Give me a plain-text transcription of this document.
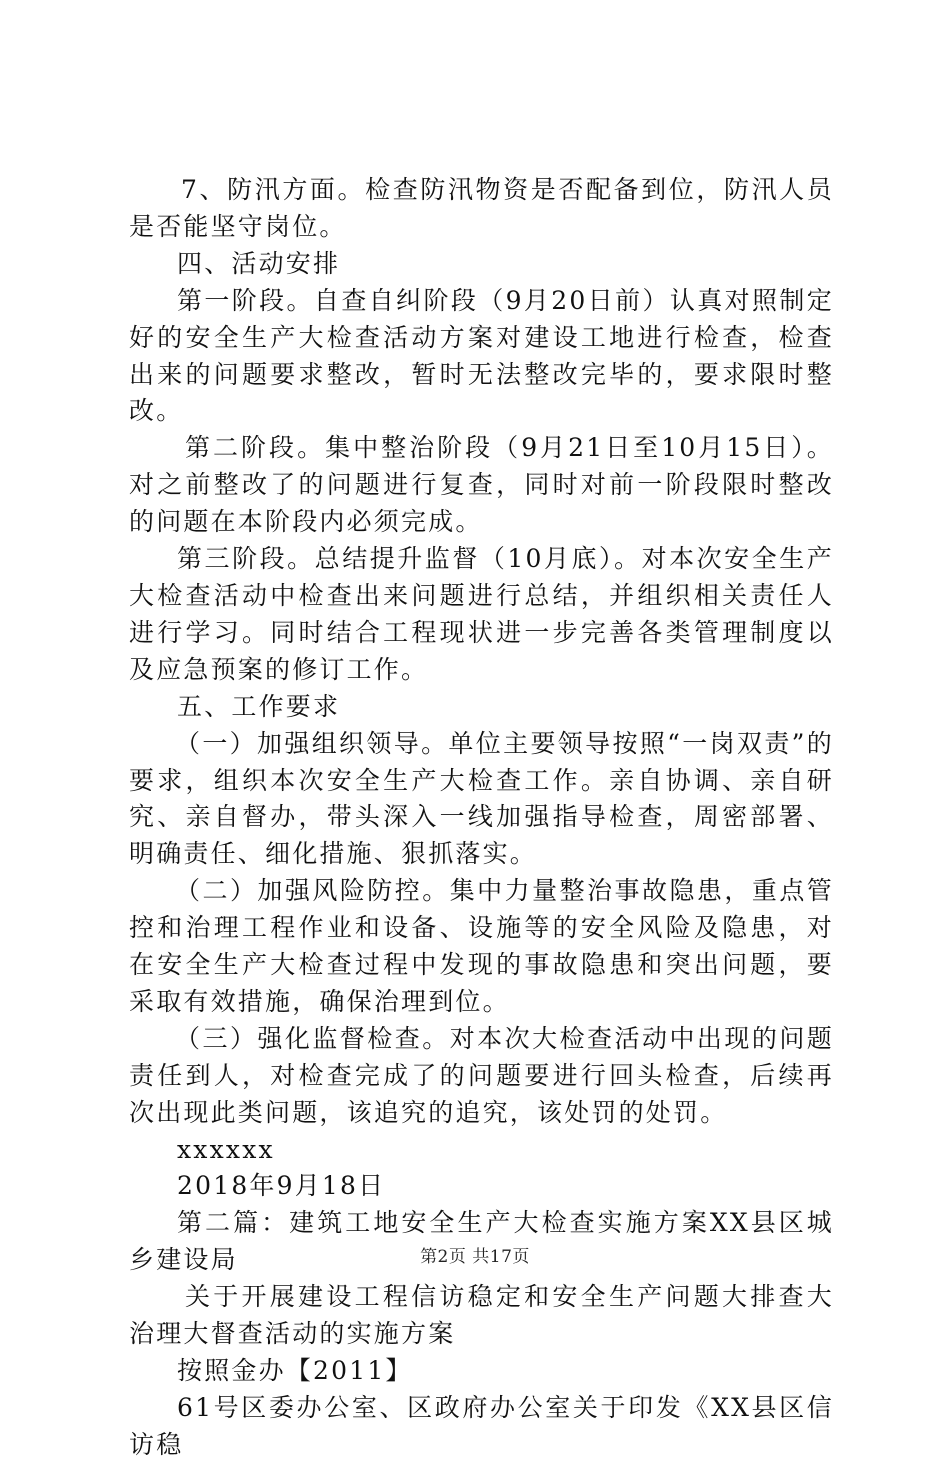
7、防汛方面。检查防汛物资是否配备到位，防汛人员是否能坚守岗位。

四、活动安排

第一阶段。自查自纠阶段（9月20日前）认真对照制定好的安全生产大检查活动方案对建设工地进行检查，检查出来的问题要求整改，暂时无法整改完毕的，要求限时整改。

第二阶段。集中整治阶段（9月21日至10月15日）。对之前整改了的问题进行复查，同时对前一阶段限时整改的问题在本阶段内必须完成。

第三阶段。总结提升监督（10月底）。对本次安全生产大检查活动中检查出来问题进行总结，并组织相关责任人进行学习。同时结合工程现状进一步完善各类管理制度以及应急预案的修订工作。

五、工作要求

（一）加强组织领导。单位主要领导按照“一岗双责”的要求，组织本次安全生产大检查工作。亲自协调、亲自研究、亲自督办，带头深入一线加强指导检查，周密部署、明确责任、细化措施、狠抓落实。

（二）加强风险防控。集中力量整治事故隐患，重点管控和治理工程作业和设备、设施等的安全风险及隐患，对在安全生产大检查过程中发现的事故隐患和突出问题，要采取有效措施，确保治理到位。

（三）强化监督检查。对本次大检查活动中出现的问题责任到人，对检查完成了的问题要进行回头检查，后续再次出现此类问题，该追究的追究，该处罚的处罚。

xxxxxx

2018年9月18日

第二篇：建筑工地安全生产大检查实施方案XX县区城乡建设局

关于开展建设工程信访稳定和安全生产问题大排查大治理大督查活动的实施方案

按照金办【2011】

61号区委办公室、区政府办公室关于印发《XX县区信访稳

第2页 共17页
